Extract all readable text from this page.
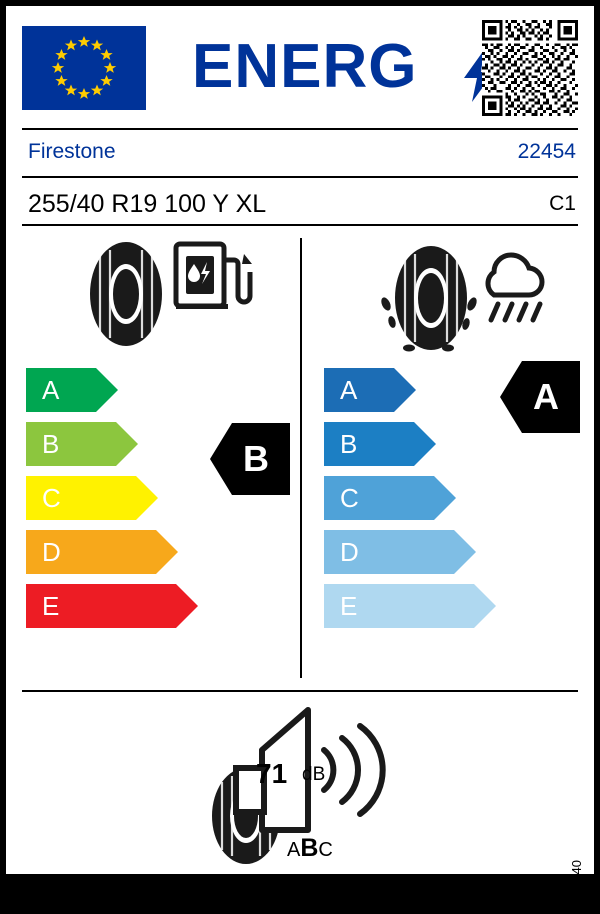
ENERG
Firestone	22454
255/40 R19 100 Y XL	C1
A
B
C
D
E
B
A
B
C
D
E
A
71 dB
ABC
2020/740
